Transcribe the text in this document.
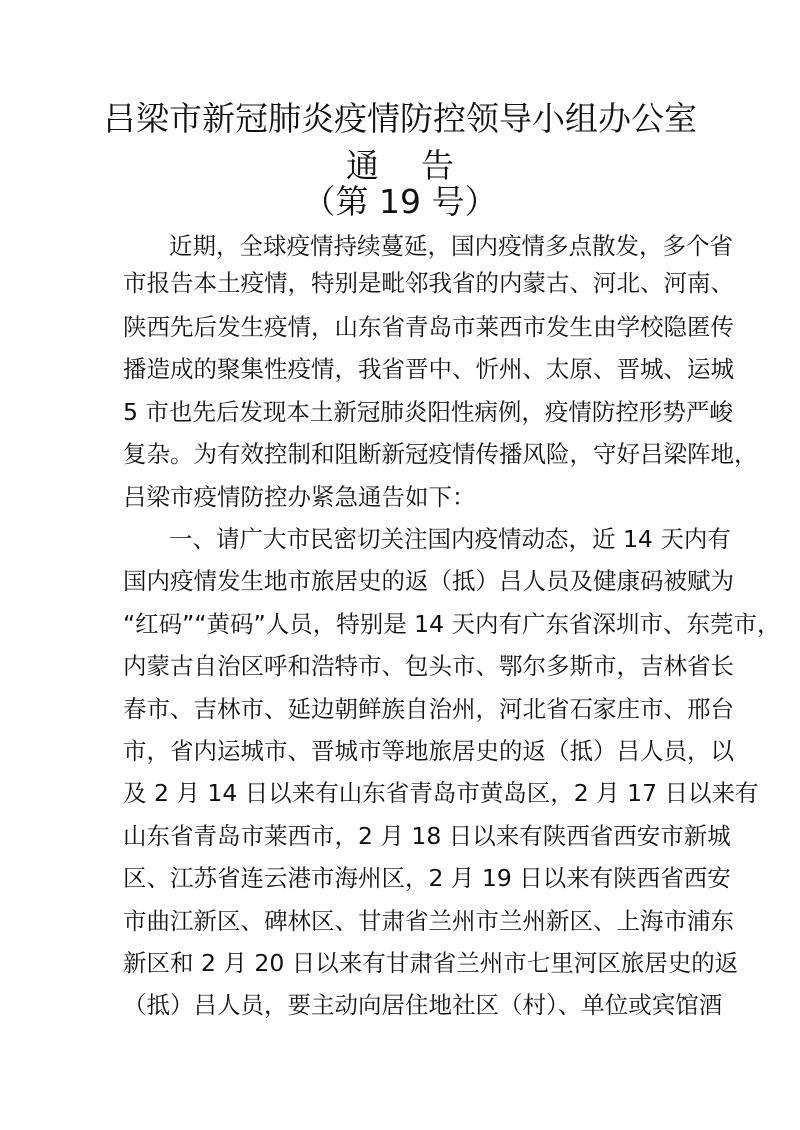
吕梁市新冠肺炎疫情防控领导小组办公室
通告
（第 19 号）
近期，全球疫情持续蔓延，国内疫情多点散发，多个省
市报告本土疫情，特别是毗邻我省的内蒙古、河北、河南、
陕西先后发生疫情，山东省青岛市莱西市发生由学校隐匿传
播造成的聚集性疫情，我省晋中、忻州、太原、晋城、运城
5 市也先后发现本土新冠肺炎阳性病例，疫情防控形势严峻
复杂。为有效控制和阻断新冠疫情传播风险，守好吕梁阵地，
吕梁市疫情防控办紧急通告如下：
一、请广大市民密切关注国内疫情动态，近 14 天内有
国内疫情发生地市旅居史的返（抵）吕人员及健康码被赋为
“红码”“黄码”人员，特别是 14 天内有广东省深圳市、东莞市，
内蒙古自治区呼和浩特市、包头市、鄂尔多斯市，吉林省长
春市、吉林市、延边朝鲜族自治州，河北省石家庄市、邢台
市，省内运城市、晋城市等地旅居史的返（抵）吕人员，以
及 2 月 14 日以来有山东省青岛市黄岛区，2 月 17 日以来有
山东省青岛市莱西市，2 月 18 日以来有陕西省西安市新城
区、江苏省连云港市海州区，2 月 19 日以来有陕西省西安
市曲江新区、碑林区、甘肃省兰州市兰州新区、上海市浦东
新区和 2 月 20 日以来有甘肃省兰州市七里河区旅居史的返
（抵）吕人员，要主动向居住地社区（村）、单位或宾馆酒
